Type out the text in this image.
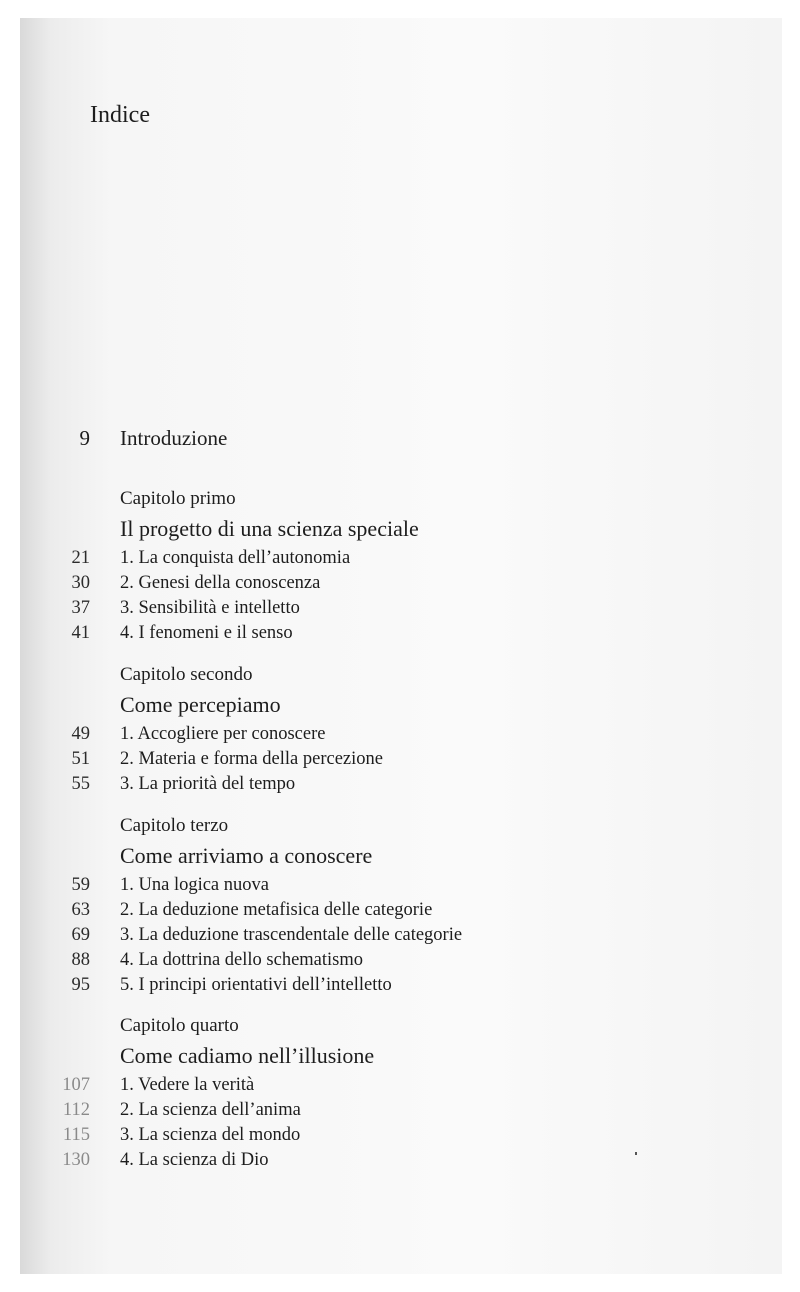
Indice
9 Introduzione
Capitolo primo
Il progetto di una scienza speciale
21 1. La conquista dell’autonomia
30 2. Genesi della conoscenza
37 3. Sensibilità e intelletto
41 4. I fenomeni e il senso
Capitolo secondo
Come percepiamo
49 1. Accogliere per conoscere
51 2. Materia e forma della percezione
55 3. La priorità del tempo
Capitolo terzo
Come arriviamo a conoscere
59 1. Una logica nuova
63 2. La deduzione metafisica delle categorie
69 3. La deduzione trascendentale delle categorie
88 4. La dottrina dello schematismo
95 5. I principi orientativi dell’intelletto
Capitolo quarto
Come cadiamo nell’illusione
107 1. Vedere la verità
112 2. La scienza dell’anima
115 3. La scienza del mondo
130 4. La scienza di Dio
